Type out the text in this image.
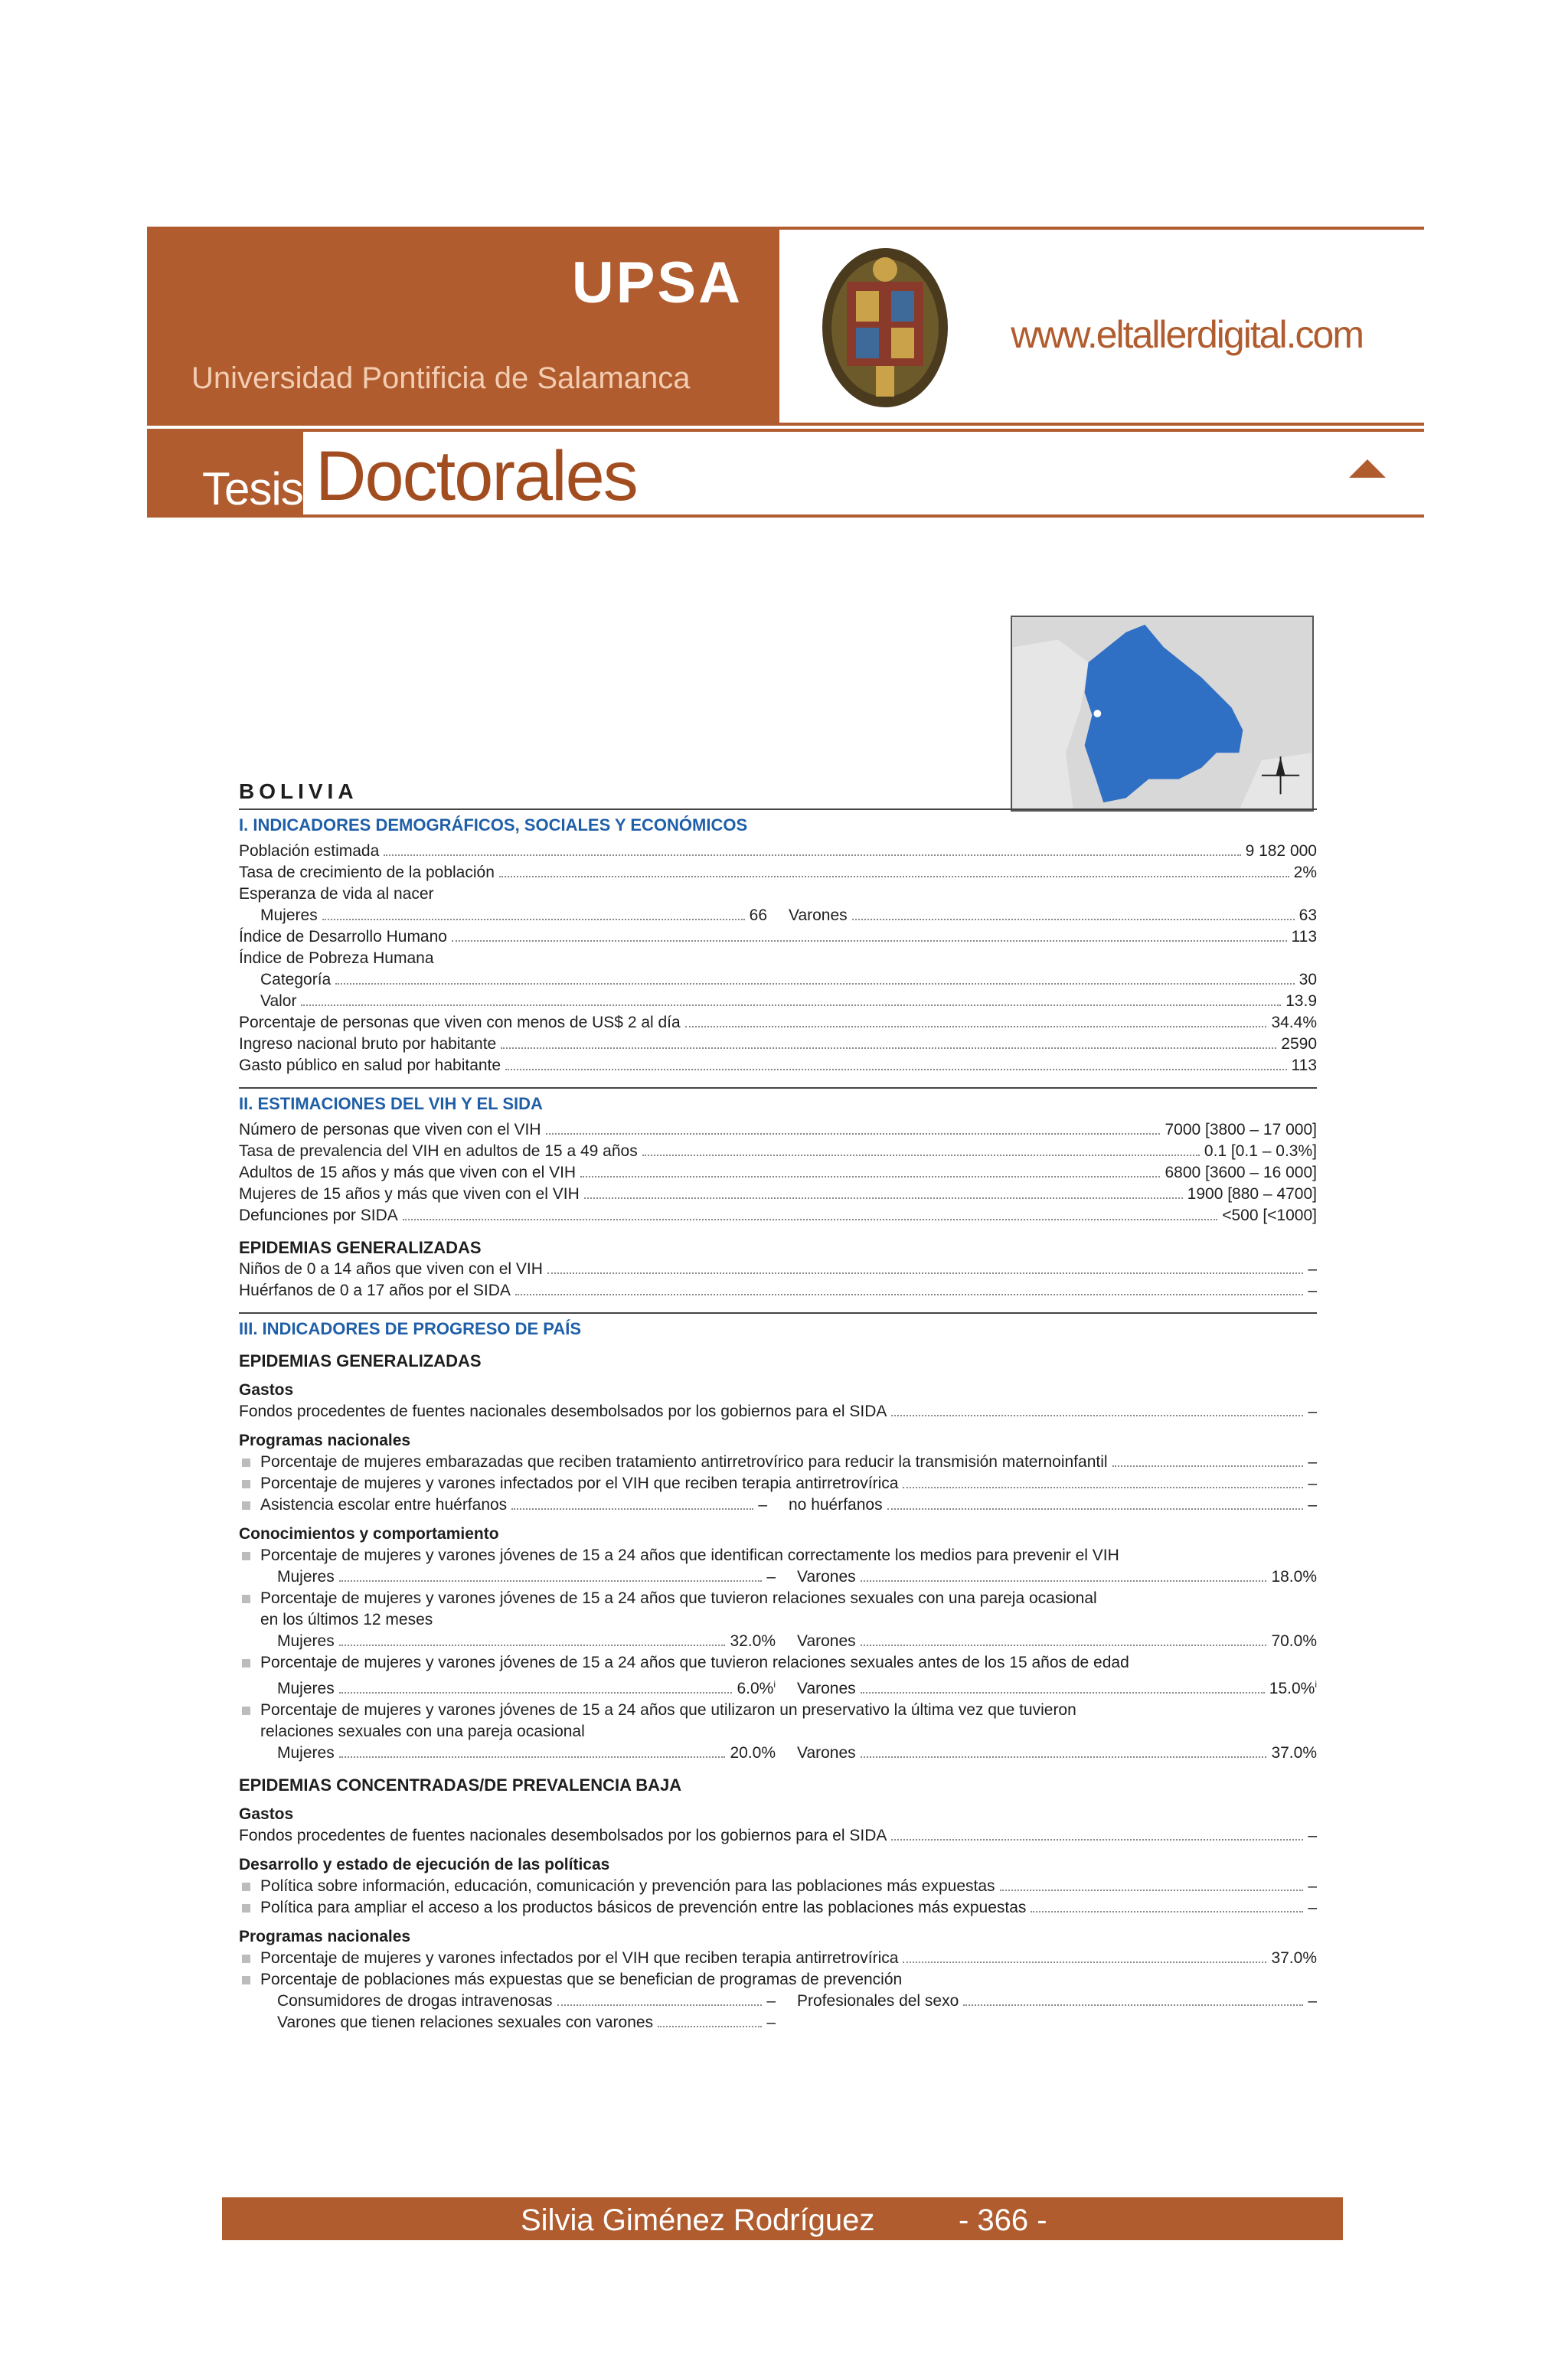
UPSA
Universidad Pontificia de Salamanca
www.eltallerdigital.com
Tesis Doctorales
BOLIVIA
I. INDICADORES DEMOGRÁFICOS, SOCIALES Y ECONÓMICOS
Población estimada	9 182 000
Tasa de crecimiento de la población	2%
Esperanza de vida al nacer
Mujeres	66 Varones	63
Índice de Desarrollo Humano	113
Índice de Pobreza Humana
Categoría	30
Valor	13.9
Porcentaje de personas que viven con menos de US$ 2 al día	34.4%
Ingreso nacional bruto por habitante	2590
Gasto público en salud por habitante	113
II. ESTIMACIONES DEL VIH Y EL SIDA
Número de personas que viven con el VIH	7000 [3800 – 17 000]
Tasa de prevalencia del VIH en adultos de 15 a 49 años	0.1 [0.1 – 0.3%]
Adultos de 15 años y más que viven con el VIH	6800 [3600 – 16 000]
Mujeres de 15 años y más que viven con el VIH	1900 [880 – 4700]
Defunciones por SIDA	<500 [<1000]
EPIDEMIAS GENERALIZADAS
Niños de 0 a 14 años que viven con el VIH	–
Huérfanos de 0 a 17 años por el SIDA	–
III. INDICADORES DE PROGRESO DE PAÍS
EPIDEMIAS GENERALIZADAS
Gastos
Fondos procedentes de fuentes nacionales desembolsados por los gobiernos para el SIDA	–
Programas nacionales
Porcentaje de mujeres embarazadas que reciben tratamiento antirretrovírico para reducir la transmisión maternoinfantil	–
Porcentaje de mujeres y varones infectados por el VIH que reciben terapia antirretrovírica	–
Asistencia escolar entre huérfanos	– no huérfanos	–
Conocimientos y comportamiento
Porcentaje de mujeres y varones jóvenes de 15 a 24 años que identifican correctamente los medios para prevenir el VIH
Mujeres	– Varones	18.0%
Porcentaje de mujeres y varones jóvenes de 15 a 24 años que tuvieron relaciones sexuales con una pareja ocasional
en los últimos 12 meses
Mujeres	32.0% Varones	70.0%
Porcentaje de mujeres y varones jóvenes de 15 a 24 años que tuvieron relaciones sexuales antes de los 15 años de edad
Mujeres	6.0%$^i$ Varones	15.0%$^i$
Porcentaje de mujeres y varones jóvenes de 15 a 24 años que utilizaron un preservativo la última vez que tuvieron
relaciones sexuales con una pareja ocasional
Mujeres	20.0% Varones	37.0%
EPIDEMIAS CONCENTRADAS/DE PREVALENCIA BAJA
Gastos
Fondos procedentes de fuentes nacionales desembolsados por los gobiernos para el SIDA	–
Desarrollo y estado de ejecución de las políticas
Política sobre información, educación, comunicación y prevención para las poblaciones más expuestas	–
Política para ampliar el acceso a los productos básicos de prevención entre las poblaciones más expuestas	–
Programas nacionales
Porcentaje de mujeres y varones infectados por el VIH que reciben terapia antirretrovírica	37.0%
Porcentaje de poblaciones más expuestas que se benefician de programas de prevención
Consumidores de drogas intravenosas	– Profesionales del sexo	–
Varones que tienen relaciones sexuales con varones	–
Silvia Giménez Rodríguez	- 366 -
